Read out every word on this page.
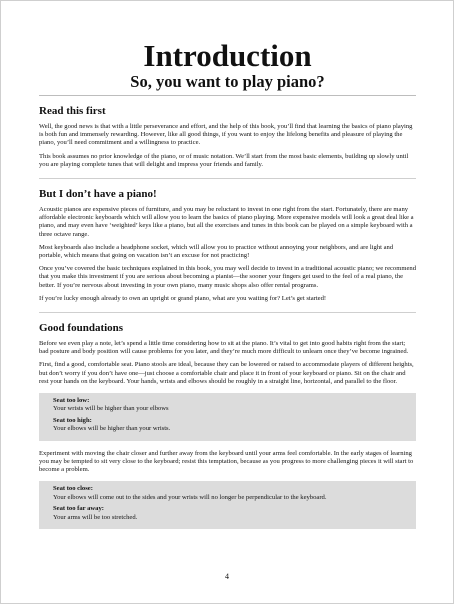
Introduction
So, you want to play piano?
Read this first

Well, the good news is that with a little perseverance and effort, and the help of this book, you’ll find that learning the basics of piano playing is both fun and immensely rewarding. However, like all good things, if you want to enjoy the lifelong benefits and pleasure of playing the piano, you’ll need commitment and a willingness to practice.

This book assumes no prior knowledge of the piano, or of music notation. We’ll start from the most basic elements, building up slowly until you are playing complete tunes that will delight and impress your friends and family.

But I don’t have a piano!

Acoustic pianos are expensive pieces of furniture, and you may be reluctant to invest in one right from the start. Fortunately, there are many affordable electronic keyboards which will allow you to learn the basics of piano playing. More expensive models will look a great deal like a piano, and may even have ‘weighted’ keys like a piano, but all the exercises and tunes in this book can be played on a simple keyboard with a three octave range.

Most keyboards also include a headphone socket, which will allow you to practice without annoying your neighbors, and are light and portable, which means that going on vacation isn’t an excuse for not practicing!

Once you’ve covered the basic techniques explained in this book, you may well decide to invest in a traditional acoustic piano; we recommend that you make this investment if you are serious about becoming a pianist—the sooner your fingers get used to the feel of a real piano, the better. If you’re nervous about investing in your own piano, many music shops also offer rental programs.

If you’re lucky enough already to own an upright or grand piano, what are you waiting for? Let’s get started!

Good foundations

Before we even play a note, let’s spend a little time considering how to sit at the piano. It’s vital to get into good habits right from the start; bad posture and body position will cause problems for you later, and they’re much more difficult to unlearn once they’ve become ingrained.

First, find a good, comfortable seat. Piano stools are ideal, because they can be lowered or raised to accommodate players of different heights, but don’t worry if you don’t have one—just choose a comfortable chair and place it in front of your keyboard or piano. Sit on the chair and rest your hands on the keyboard. Your hands, wrists and elbows should be roughly in a straight line, horizontal, and parallel to the floor.

Seat too low:
Your wrists will be higher than your elbows
Seat too high:
Your elbows will be higher than your wrists.

Experiment with moving the chair closer and further away from the keyboard until your arms feel comfortable. In the early stages of learning you may be tempted to sit very close to the keyboard; resist this temptation, because as you progress to more challenging pieces it will start to become a problem.

Seat too close:
Your elbows will come out to the sides and your wrists will no longer be perpendicular to the keyboard.
Seat too far away:
Your arms will be too stretched.
4
